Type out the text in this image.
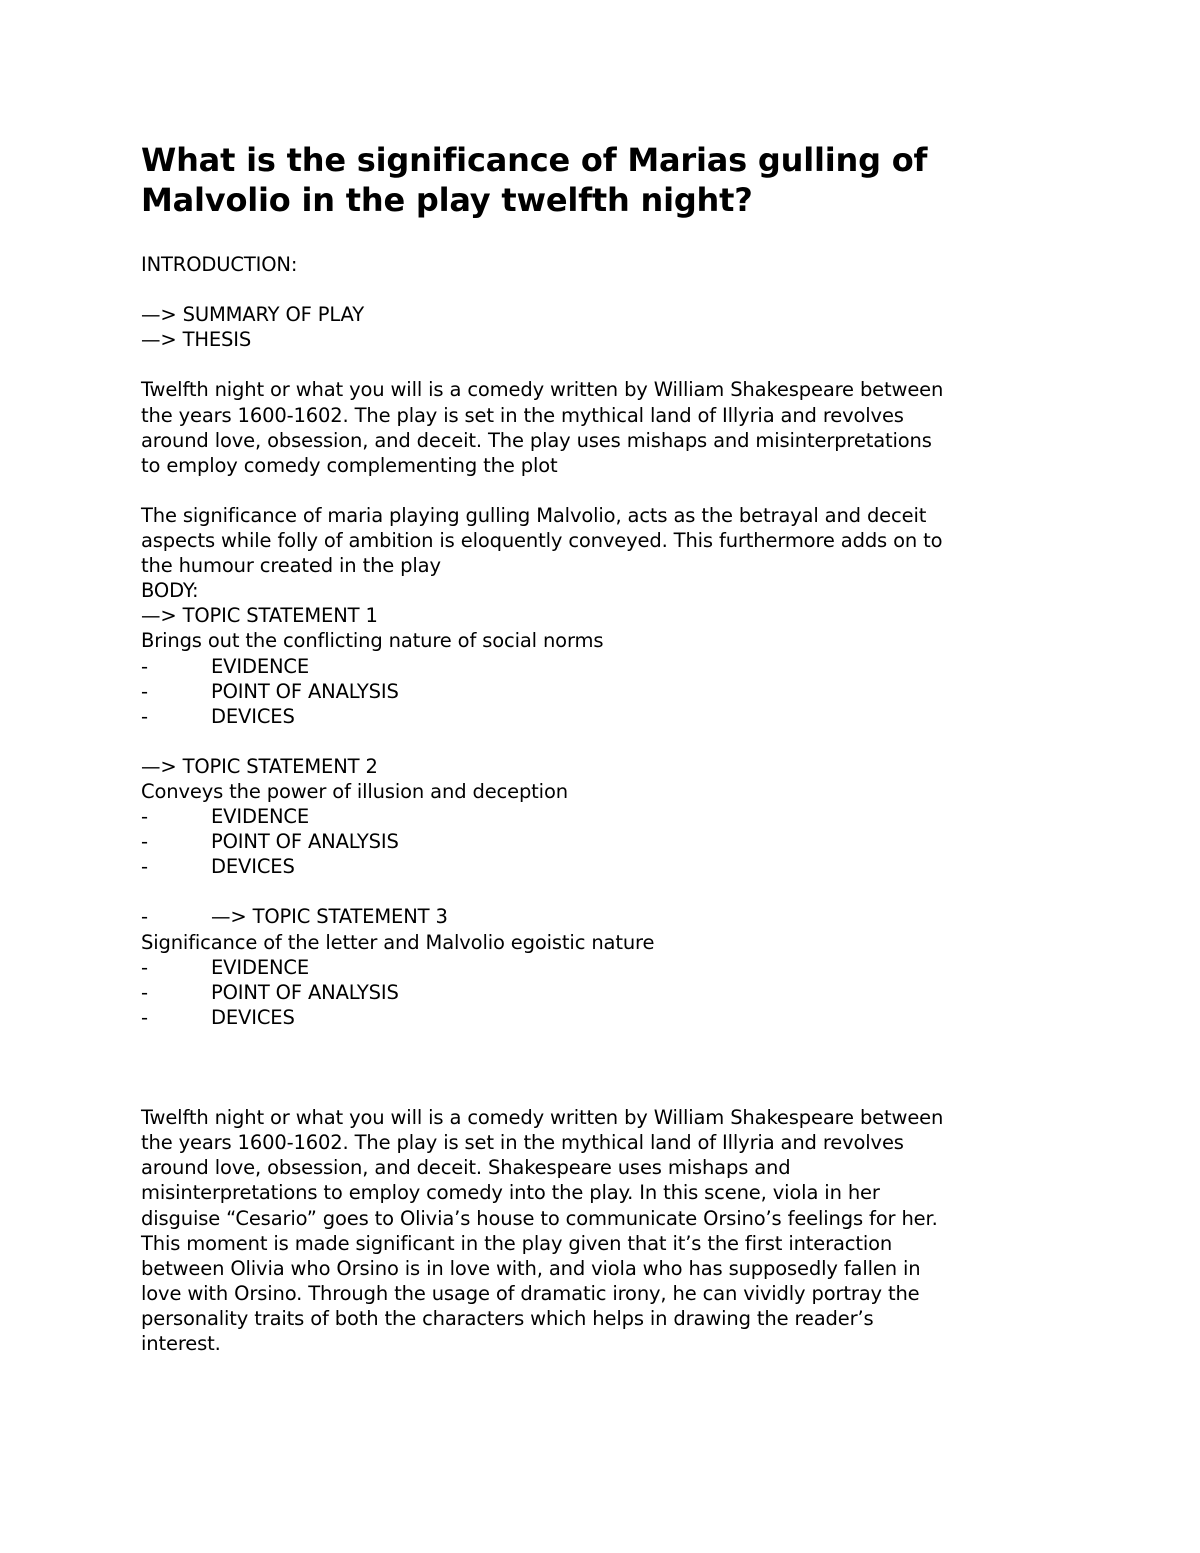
What is the significance of Marias gulling of
Malvolio in the play twelfth night?
INTRODUCTION:
—> SUMMARY OF PLAY
—> THESIS
Twelfth night or what you will is a comedy written by William Shakespeare between
the years 1600-1602. The play is set in the mythical land of Illyria and revolves
around love, obsession, and deceit. The play uses mishaps and misinterpretations
to employ comedy complementing the plot
The significance of maria playing gulling Malvolio, acts as the betrayal and deceit
aspects while folly of ambition is eloquently conveyed. This furthermore adds on to
the humour created in the play
BODY:
—> TOPIC STATEMENT 1
Brings out the conflicting nature of social norms
-	EVIDENCE
-	POINT OF ANALYSIS
-	DEVICES
—> TOPIC STATEMENT 2
Conveys the power of illusion and deception
-	EVIDENCE
-	POINT OF ANALYSIS
-	DEVICES
-	—> TOPIC STATEMENT 3
Significance of the letter and Malvolio egoistic nature
-	EVIDENCE
-	POINT OF ANALYSIS
-	DEVICES
Twelfth night or what you will is a comedy written by William Shakespeare between
the years 1600-1602. The play is set in the mythical land of Illyria and revolves
around love, obsession, and deceit. Shakespeare uses mishaps and
misinterpretations to employ comedy into the play. In this scene, viola in her
disguise “Cesario” goes to Olivia’s house to communicate Orsino’s feelings for her.
This moment is made significant in the play given that it’s the first interaction
between Olivia who Orsino is in love with, and viola who has supposedly fallen in
love with Orsino. Through the usage of dramatic irony, he can vividly portray the
personality traits of both the characters which helps in drawing the reader’s
interest.
